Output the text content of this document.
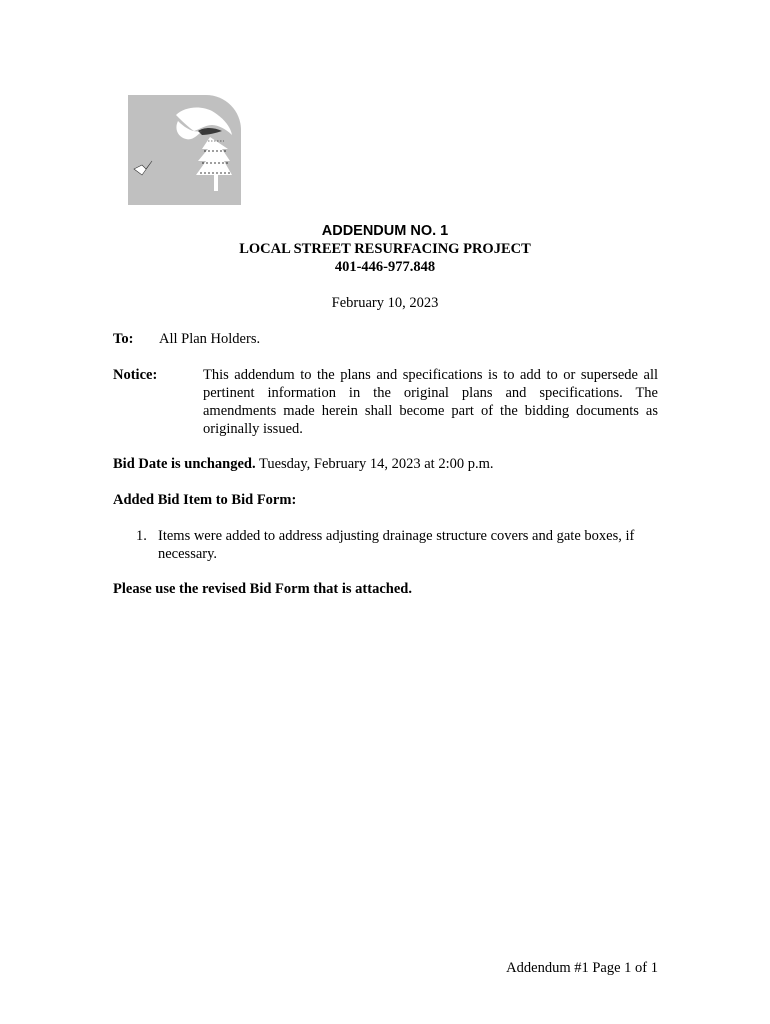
ADDENDUM NO. 1
LOCAL STREET RESURFACING PROJECT
401-446-977.848
February 10, 2023
To: All Plan Holders.
Notice:	This addendum to the plans and specifications is to add to or supersede all pertinent information in the original plans and specifications. The amendments made herein shall become part of the bidding documents as originally issued.
Bid Date is unchanged. Tuesday, February 14, 2023 at 2:00 p.m.
Added Bid Item to Bid Form:
1. Items were added to address adjusting drainage structure covers and gate boxes, if necessary.
Please use the revised Bid Form that is attached.
Addendum #1 Page 1 of 1
